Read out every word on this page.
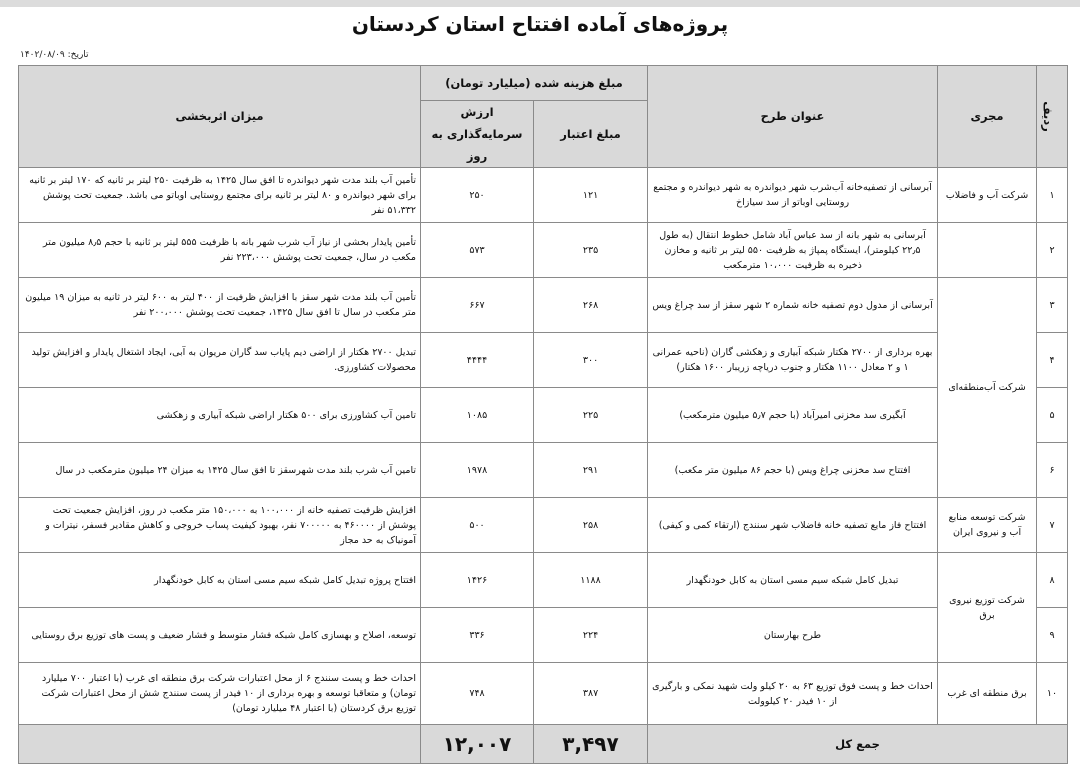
پروژه‌های آماده افتتاح استان کردستان
تاریخ: ۱۴۰۲/۰۸/۰۹
ردیف	مجری	عنوان طرح	مبلغ هزینه شده (میلیارد تومان)		میزان اثربخشی
			مبلغ اعتبار	ارزش سرمایه‌گذاری به روز	
۱	شرکت آب و فاضلاب	آبرسانی از تصفیه‌خانه آب‌شرب شهر دیواندره به شهر دیواندره و مجتمع روستایی اوباتو از سد سیازاخ	۱۲۱	۲۵۰	تأمین آب بلند مدت شهر دیواندره تا افق سال ۱۴۲۵ به ظرفیت ۲۵۰ لیتر بر ثانیه که ۱۷۰ لیتر بر ثانیه برای شهر دیواندره و ۸۰ لیتر بر ثانیه برای مجتمع روستایی اوباتو می باشد. جمعیت تحت پوشش ۵۱،۳۳۲ نفر
۲		آبرسانی به شهر بانه از سد عباس آباد شامل خطوط انتقال (به طول ۲۲٫۵ کیلومتر)، ایستگاه پمپاژ به ظرفیت ۵۵۰ لیتر بر ثانیه و مخازن ذخیره به ظرفیت ۱۰،۰۰۰ مترمکعب	۲۳۵	۵۷۳	تأمین پایدار بخشی از نیاز آب شرب شهر بانه با ظرفیت ۵۵۵ لیتر بر ثانیه با حجم ۸٫۵ میلیون متر مکعب در سال، جمعیت تحت پوشش ۲۲۳،۰۰۰ نفر
۳	شرکت آب‌منطقه‌ای	آبرسانی از مدول دوم تصفیه خانه شماره ۲ شهر سقز از سد چراغ ویس	۲۶۸	۶۶۷	تأمین آب بلند مدت شهر سقز با افزایش ظرفیت از ۴۰۰ لیتر به ۶۰۰ لیتر در ثانیه به میزان ۱۹ میلیون متر مکعب در سال تا افق سال ۱۴۲۵، جمعیت تحت پوشش ۲۰۰،۰۰۰ نفر
۴		بهره برداری از ۲۷۰۰ هکتار شبکه آبیاری و زهکشی گاران (ناحیه عمرانی ۱ و ۲ معادل ۱۱۰۰ هکتار و جنوب دریاچه زریبار ۱۶۰۰ هکتار)	۳۰۰	۴۴۴۴	تبدیل ۲۷۰۰ هکتار از اراضی دیم پایاب سد گاران مریوان به آبی، ایجاد اشتغال پایدار و افزایش تولید محصولات کشاورزی.
۵		آبگیری سد مخزنی امیرآباد (با حجم ۵٫۷ میلیون مترمکعب)	۲۲۵	۱۰۸۵	تامین آب کشاورزی برای ۵۰۰ هکتار اراضی شبکه آبیاری و زهکشی
۶		افتتاح سد مخزنی چراغ ویس (با حجم ۸۶ میلیون متر مکعب)	۲۹۱	۱۹۷۸	تامین آب شرب بلند مدت شهرسقز تا افق سال ۱۴۲۵ به میزان ۲۴ میلیون مترمکعب در سال
۷	شرکت توسعه منابع آب و نیروی ایران	افتتاح فاز مایع تصفیه خانه فاضلاب شهر سنندج (ارتقاء کمی و کیفی)	۲۵۸	۵۰۰	افزایش ظرفیت تصفیه خانه از ۱۰۰،۰۰۰ به ۱۵۰،۰۰۰ متر مکعب در روز، افزایش جمعیت تحت پوشش از ۴۶۰۰۰۰ به ۷۰۰۰۰۰ نفر، بهبود کیفیت پساب خروجی و کاهش مقادیر فسفر، نیترات و آمونیاک به حد مجاز
۸	شرکت توزیع نیروی برق	تبدیل کامل شبکه سیم مسی استان به کابل خودنگهدار	۱۱۸۸	۱۴۲۶	افتتاح پروژه تبدیل کامل شبکه سیم مسی استان به کابل خودنگهدار
۹		طرح بهارستان	۲۲۴	۳۳۶	توسعه، اصلاح و بهسازی کامل شبکه فشار متوسط و فشار ضعیف و پست های توزیع برق روستایی
۱۰	برق منطقه ای غرب	احداث خط و پست فوق توزیع ۶۳ به ۲۰ کیلو ولت شهید نمکی و بارگیری از ۱۰ فیدر ۲۰ کیلوولت	۳۸۷	۷۴۸	احداث خط و پست سنندج ۶ از محل اعتبارات شرکت برق منطقه ای غرب (با اعتبار ۷۰۰ میلیارد تومان) و متعاقبا توسعه و بهره برداری از ۱۰ فیدر از پست سنندج شش از محل اعتبارات شرکت توزیع برق کردستان (با اعتبار ۴۸ میلیارد تومان)
جمع کل			۳,۴۹۷	۱۲,۰۰۷	
